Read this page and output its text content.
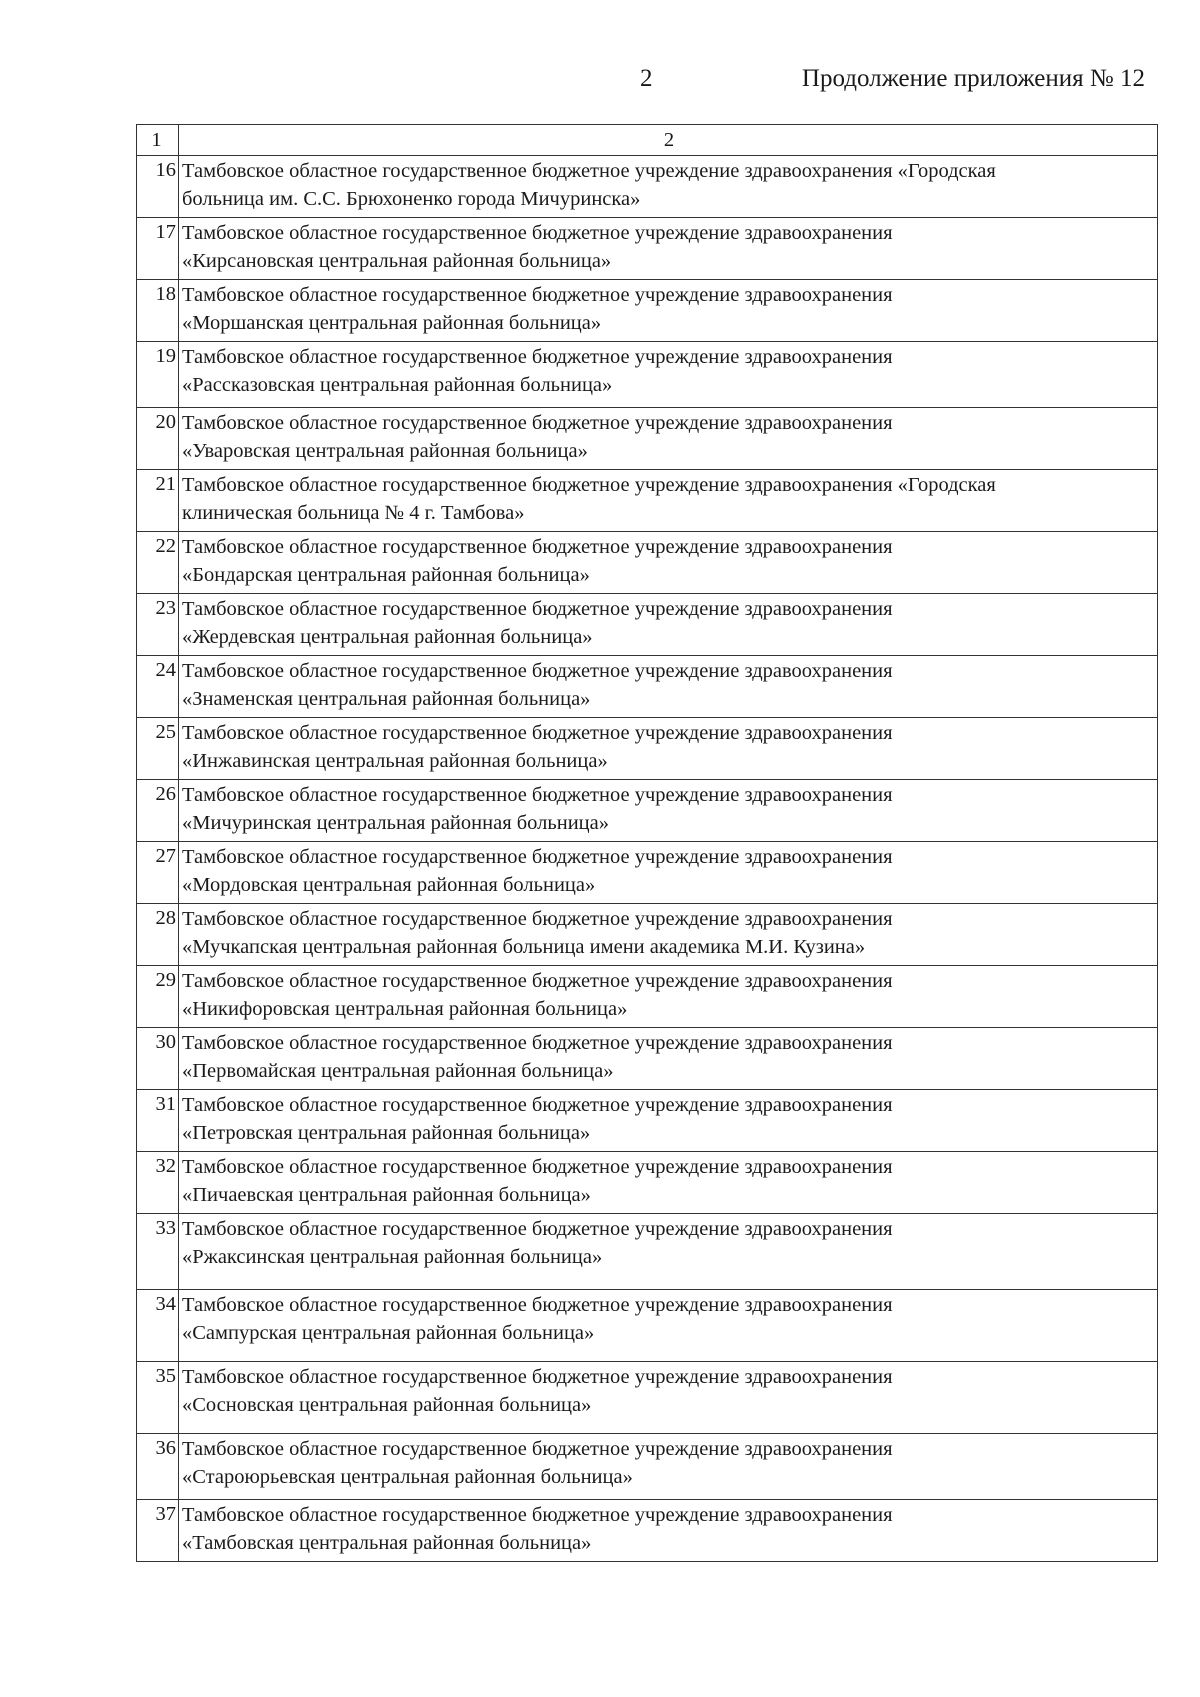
2	Продолжение приложения № 12
1	2
16	Тамбовское областное государственное бюджетное учреждение здравоохранения «Городская
больница им. С.С. Брюхоненко города Мичуринска»

17	Тамбовское областное государственное бюджетное учреждение здравоохранения
«Кирсановская центральная районная больница»

18	Тамбовское областное государственное бюджетное учреждение здравоохранения
«Моршанская центральная районная больница»

19	Тамбовское областное государственное бюджетное учреждение здравоохранения
«Рассказовская центральная районная больница»

20	Тамбовское областное государственное бюджетное учреждение здравоохранения
«Уваровская центральная районная больница»

21	Тамбовское областное государственное бюджетное учреждение здравоохранения «Городская
клиническая больница № 4 г. Тамбова»

22	Тамбовское областное государственное бюджетное учреждение здравоохранения
«Бондарская центральная районная больница»

23	Тамбовское областное государственное бюджетное учреждение здравоохранения
«Жердевская центральная районная больница»

24	Тамбовское областное государственное бюджетное учреждение здравоохранения
«Знаменская центральная районная больница»

25	Тамбовское областное государственное бюджетное учреждение здравоохранения
«Инжавинская центральная районная больница»

26	Тамбовское областное государственное бюджетное учреждение здравоохранения
«Мичуринская центральная районная больница»

27	Тамбовское областное государственное бюджетное учреждение здравоохранения
«Мордовская центральная районная больница»

28	Тамбовское областное государственное бюджетное учреждение здравоохранения
«Мучкапская центральная районная больница имени академика М.И. Кузина»

29	Тамбовское областное государственное бюджетное учреждение здравоохранения
«Никифоровская центральная районная больница»

30	Тамбовское областное государственное бюджетное учреждение здравоохранения
«Первомайская центральная районная больница»

31	Тамбовское областное государственное бюджетное учреждение здравоохранения
«Петровская центральная районная больница»

32	Тамбовское областное государственное бюджетное учреждение здравоохранения
«Пичаевская центральная районная больница»

33	Тамбовское областное государственное бюджетное учреждение здравоохранения
«Ржаксинская центральная районная больница»

34	Тамбовское областное государственное бюджетное учреждение здравоохранения
«Сампурская центральная районная больница»

35	Тамбовское областное государственное бюджетное учреждение здравоохранения
«Сосновская центральная районная больница»

36	Тамбовское областное государственное бюджетное учреждение здравоохранения
«Староюрьевская центральная районная больница»

37	Тамбовское областное государственное бюджетное учреждение здравоохранения
«Тамбовская центральная районная больница»
